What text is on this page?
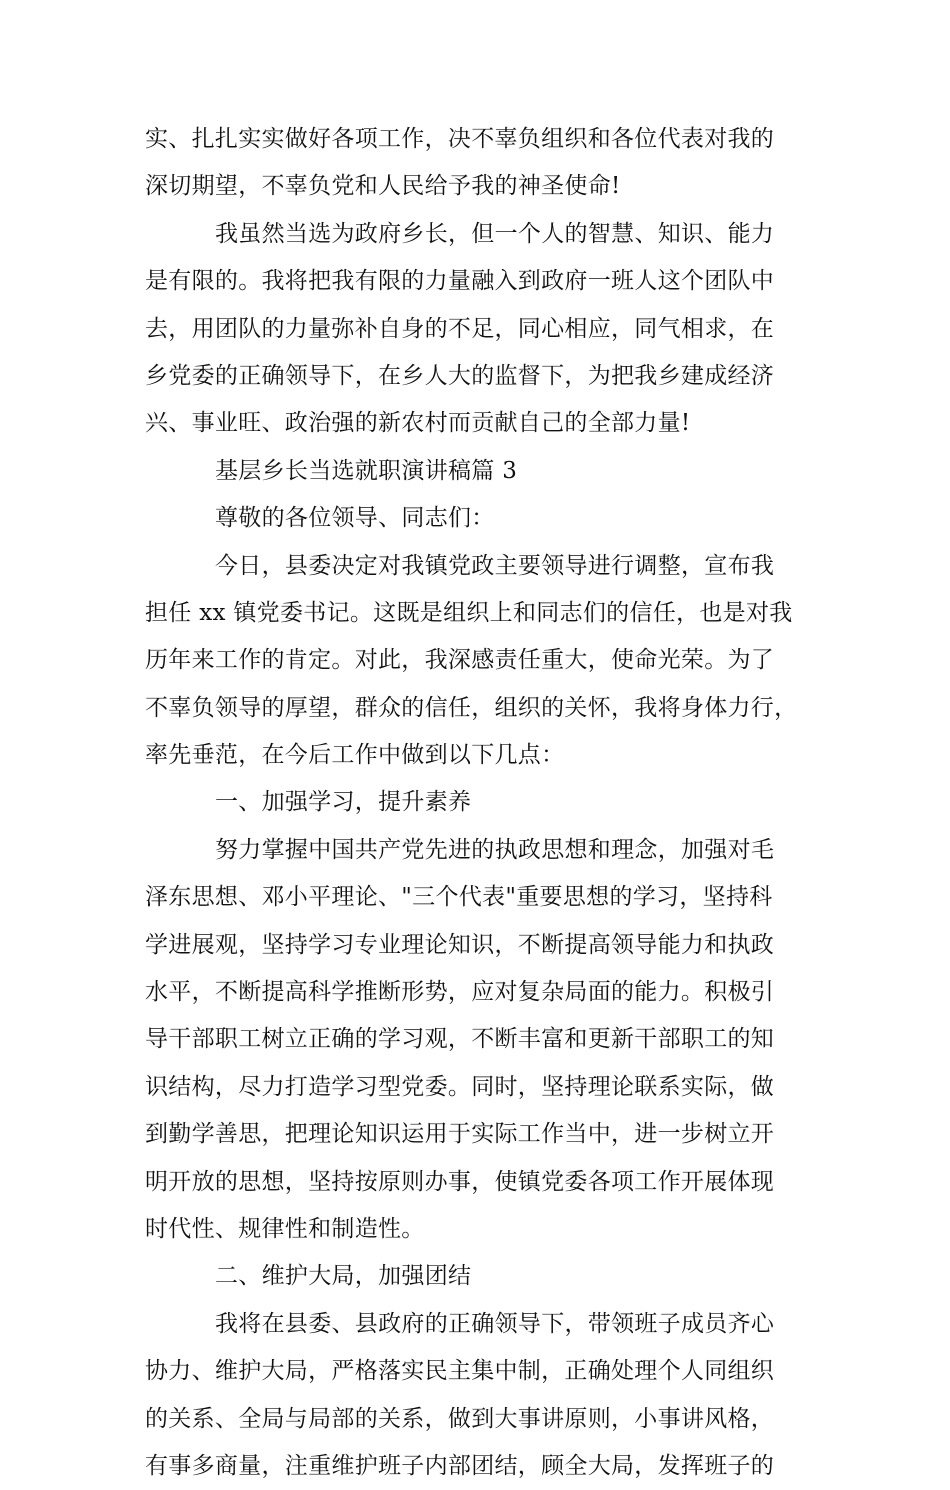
实、扎扎实实做好各项工作，决不辜负组织和各位代表对我的
深切期望，不辜负党和人民给予我的神圣使命!
我虽然当选为政府乡长，但一个人的智慧、知识、能力
是有限的。我将把我有限的力量融入到政府一班人这个团队中
去，用团队的力量弥补自身的不足，同心相应，同气相求，在
乡党委的正确领导下，在乡人大的监督下，为把我乡建成经济
兴、事业旺、政治强的新农村而贡献自己的全部力量!
基层乡长当选就职演讲稿篇 3
尊敬的各位领导、同志们：
今日，县委决定对我镇党政主要领导进行调整，宣布我
担任 xx 镇党委书记。这既是组织上和同志们的信任，也是对我
历年来工作的肯定。对此，我深感责任重大，使命光荣。为了
不辜负领导的厚望，群众的信任，组织的关怀，我将身体力行，
率先垂范，在今后工作中做到以下几点：
一、加强学习，提升素养
努力掌握中国共产党先进的执政思想和理念，加强对毛
泽东思想、邓小平理论、"三个代表"重要思想的学习，坚持科
学进展观，坚持学习专业理论知识，不断提高领导能力和执政
水平，不断提高科学推断形势，应对复杂局面的能力。积极引
导干部职工树立正确的学习观，不断丰富和更新干部职工的知
识结构，尽力打造学习型党委。同时，坚持理论联系实际，做
到勤学善思，把理论知识运用于实际工作当中，进一步树立开
明开放的思想，坚持按原则办事，使镇党委各项工作开展体现
时代性、规律性和制造性。
二、维护大局，加强团结
我将在县委、县政府的正确领导下，带领班子成员齐心
协力、维护大局，严格落实民主集中制，正确处理个人同组织
的关系、全局与局部的关系，做到大事讲原则，小事讲风格，
有事多商量，注重维护班子内部团结，顾全大局，发挥班子的
